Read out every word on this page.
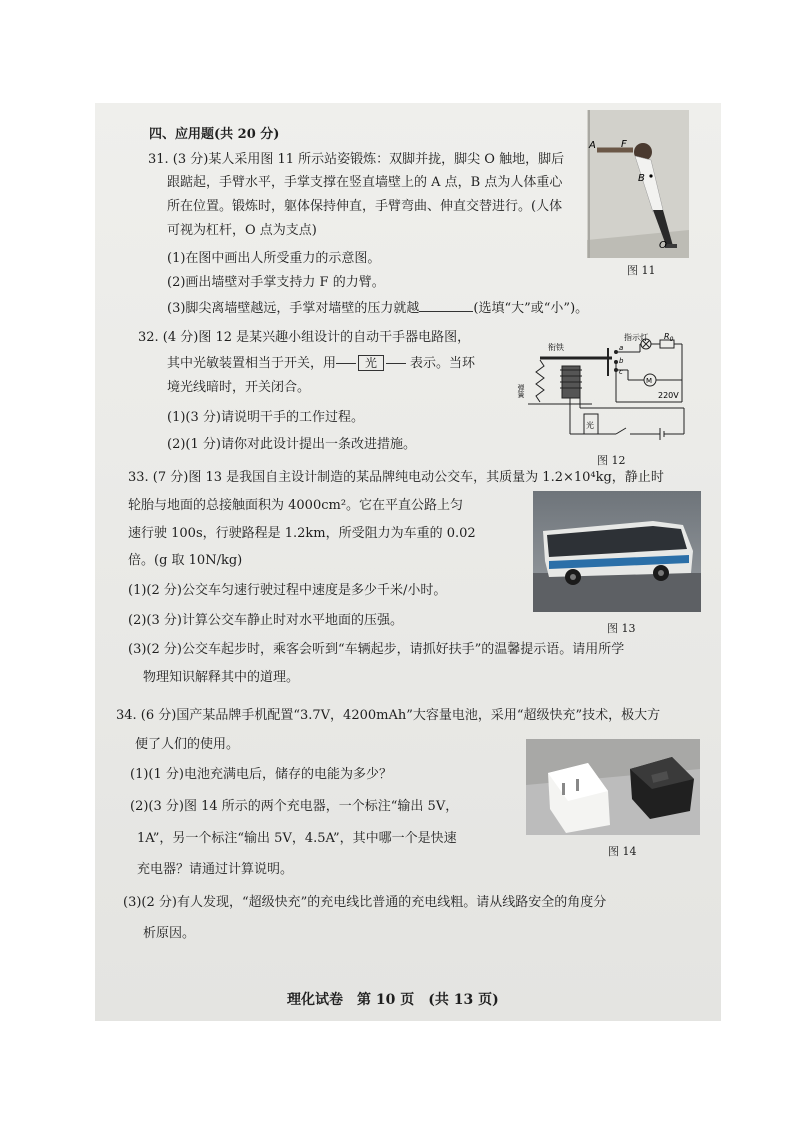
四、应用题(共 20 分)
31. (3 分)某人采用图 11 所示站姿锻炼：双脚并拢，脚尖 O 触地，脚后
跟踮起，手臂水平，手掌支撑在竖直墙壁上的 A 点，B 点为人体重心
所在位置。锻炼时，躯体保持伸直，手臂弯曲、伸直交替进行。(人体
可视为杠杆，O 点为支点)
(1)在图中画出人所受重力的示意图。
(2)画出墙壁对手掌支持力 F 的力臂。
(3)脚尖离墙壁越远，手掌对墙壁的压力就越	(选填“大”或“小”)。
A	F
B
O
图 11
32. (4 分)图 12 是某兴趣小组设计的自动干手器电路图，
其中光敏装置相当于开关，用 光	表示。当环
境光线暗时，开关闭合。
(1)(3 分)请说明干手的工作过程。
(2)(1 分)请你对此设计提出一条改进措施。
衔铁
指示灯 $R_0$
a
b
c
弹簧
M
220V
光
图 12
33. (7 分)图 13 是我国自主设计制造的某品牌纯电动公交车，其质量为 1.2×10⁴kg，静止时
轮胎与地面的总接触面积为 4000cm²。它在平直公路上匀
速行驶 100s，行驶路程是 1.2km，所受阻力为车重的 0.02
倍。(g 取 10N/kg)
(1)(2 分)公交车匀速行驶过程中速度是多少千米/小时。
(2)(3 分)计算公交车静止时对水平地面的压强。
(3)(2 分)公交车起步时，乘客会听到“车辆起步，请抓好扶手”的温馨提示语。请用所学
物理知识解释其中的道理。
图 13
34. (6 分)国产某品牌手机配置“3.7V，4200mAh”大容量电池，采用“超级快充”技术，极大方
便了人们的使用。
(1)(1 分)电池充满电后，储存的电能为多少？
(2)(3 分)图 14 所示的两个充电器，一个标注“输出 5V，
1A”，另一个标注“输出 5V，4.5A”，其中哪一个是快速
充电器？请通过计算说明。
(3)(2 分)有人发现，“超级快充”的充电线比普通的充电线粗。请从线路安全的角度分
析原因。
图 14
理化试卷　第 10 页　(共 13 页)
